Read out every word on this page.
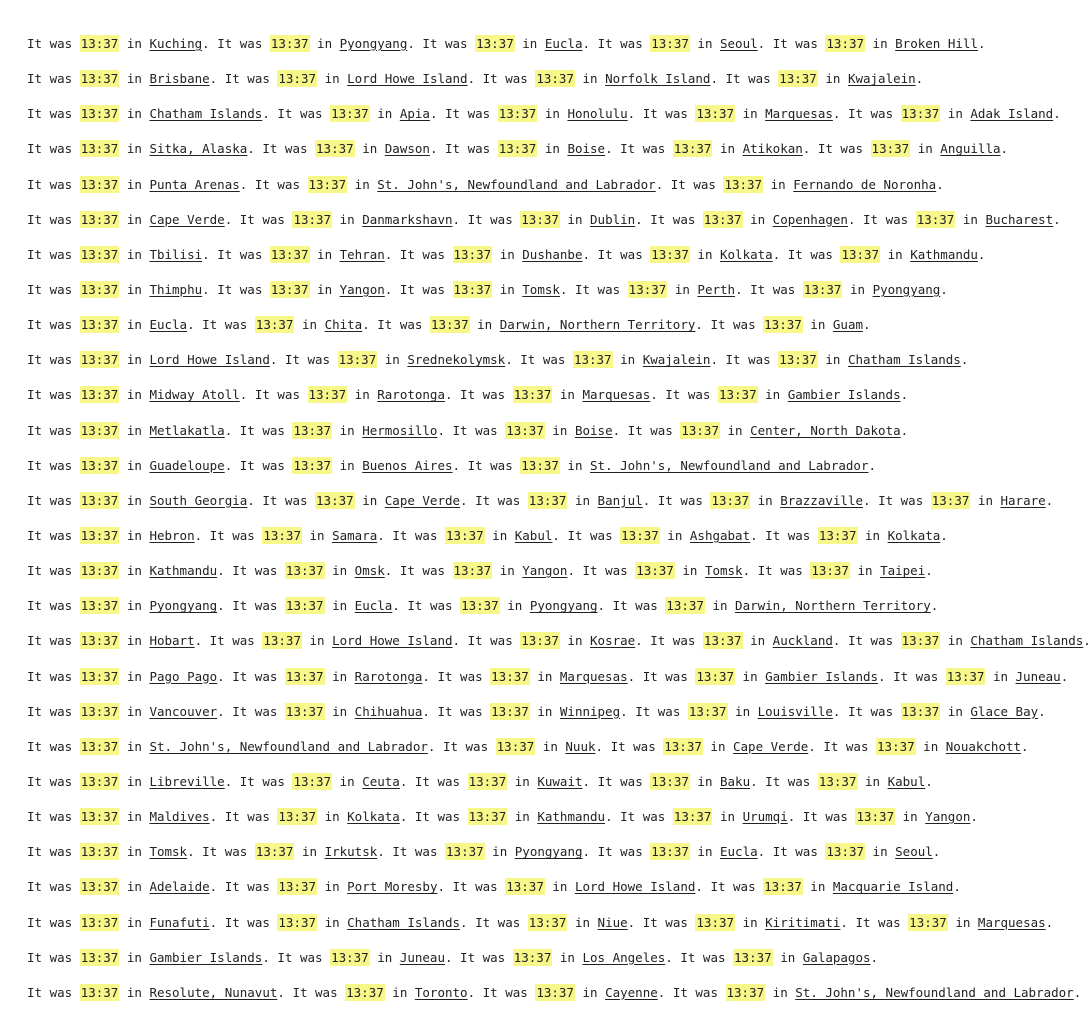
It was 13:37 in Kuching. It was 13:37 in Pyongyang. It was 13:37 in Eucla. It was 13:37 in Seoul. It was 13:37 in Broken Hill.
It was 13:37 in Brisbane. It was 13:37 in Lord Howe Island. It was 13:37 in Norfolk Island. It was 13:37 in Kwajalein.
It was 13:37 in Chatham Islands. It was 13:37 in Apia. It was 13:37 in Honolulu. It was 13:37 in Marquesas. It was 13:37 in Adak Island.
It was 13:37 in Sitka, Alaska. It was 13:37 in Dawson. It was 13:37 in Boise. It was 13:37 in Atikokan. It was 13:37 in Anguilla.
It was 13:37 in Punta Arenas. It was 13:37 in St. John's, Newfoundland and Labrador. It was 13:37 in Fernando de Noronha.
It was 13:37 in Cape Verde. It was 13:37 in Danmarkshavn. It was 13:37 in Dublin. It was 13:37 in Copenhagen. It was 13:37 in Bucharest.
It was 13:37 in Tbilisi. It was 13:37 in Tehran. It was 13:37 in Dushanbe. It was 13:37 in Kolkata. It was 13:37 in Kathmandu.
It was 13:37 in Thimphu. It was 13:37 in Yangon. It was 13:37 in Tomsk. It was 13:37 in Perth. It was 13:37 in Pyongyang.
It was 13:37 in Eucla. It was 13:37 in Chita. It was 13:37 in Darwin, Northern Territory. It was 13:37 in Guam.
It was 13:37 in Lord Howe Island. It was 13:37 in Srednekolymsk. It was 13:37 in Kwajalein. It was 13:37 in Chatham Islands.
It was 13:37 in Midway Atoll. It was 13:37 in Rarotonga. It was 13:37 in Marquesas. It was 13:37 in Gambier Islands.
It was 13:37 in Metlakatla. It was 13:37 in Hermosillo. It was 13:37 in Boise. It was 13:37 in Center, North Dakota.
It was 13:37 in Guadeloupe. It was 13:37 in Buenos Aires. It was 13:37 in St. John's, Newfoundland and Labrador.
It was 13:37 in South Georgia. It was 13:37 in Cape Verde. It was 13:37 in Banjul. It was 13:37 in Brazzaville. It was 13:37 in Harare.
It was 13:37 in Hebron. It was 13:37 in Samara. It was 13:37 in Kabul. It was 13:37 in Ashgabat. It was 13:37 in Kolkata.
It was 13:37 in Kathmandu. It was 13:37 in Omsk. It was 13:37 in Yangon. It was 13:37 in Tomsk. It was 13:37 in Taipei.
It was 13:37 in Pyongyang. It was 13:37 in Eucla. It was 13:37 in Pyongyang. It was 13:37 in Darwin, Northern Territory.
It was 13:37 in Hobart. It was 13:37 in Lord Howe Island. It was 13:37 in Kosrae. It was 13:37 in Auckland. It was 13:37 in Chatham Islands.
It was 13:37 in Pago Pago. It was 13:37 in Rarotonga. It was 13:37 in Marquesas. It was 13:37 in Gambier Islands. It was 13:37 in Juneau.
It was 13:37 in Vancouver. It was 13:37 in Chihuahua. It was 13:37 in Winnipeg. It was 13:37 in Louisville. It was 13:37 in Glace Bay.
It was 13:37 in St. John's, Newfoundland and Labrador. It was 13:37 in Nuuk. It was 13:37 in Cape Verde. It was 13:37 in Nouakchott.
It was 13:37 in Libreville. It was 13:37 in Ceuta. It was 13:37 in Kuwait. It was 13:37 in Baku. It was 13:37 in Kabul.
It was 13:37 in Maldives. It was 13:37 in Kolkata. It was 13:37 in Kathmandu. It was 13:37 in Urumqi. It was 13:37 in Yangon.
It was 13:37 in Tomsk. It was 13:37 in Irkutsk. It was 13:37 in Pyongyang. It was 13:37 in Eucla. It was 13:37 in Seoul.
It was 13:37 in Adelaide. It was 13:37 in Port Moresby. It was 13:37 in Lord Howe Island. It was 13:37 in Macquarie Island.
It was 13:37 in Funafuti. It was 13:37 in Chatham Islands. It was 13:37 in Niue. It was 13:37 in Kiritimati. It was 13:37 in Marquesas.
It was 13:37 in Gambier Islands. It was 13:37 in Juneau. It was 13:37 in Los Angeles. It was 13:37 in Galapagos.
It was 13:37 in Resolute, Nunavut. It was 13:37 in Toronto. It was 13:37 in Cayenne. It was 13:37 in St. John's, Newfoundland and Labrador.
